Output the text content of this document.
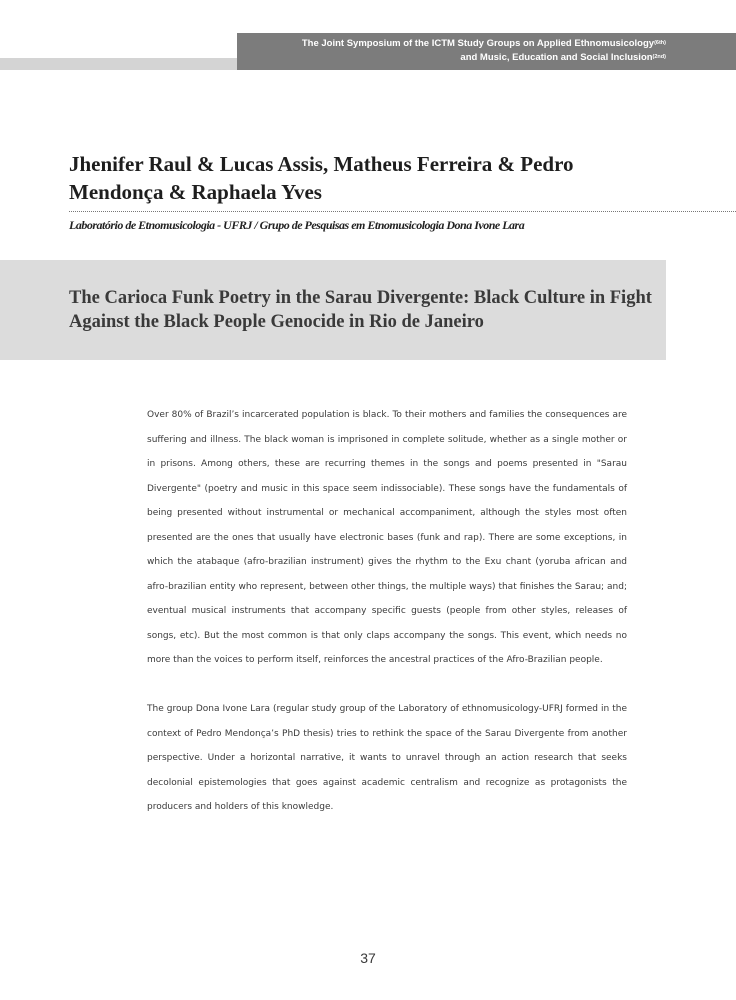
The Joint Symposium of the ICTM Study Groups on Applied Ethnomusicology$^{(6th)}$
and Music, Education and Social Inclusion$^{(2nd)}$
Jhenifer Raul & Lucas Assis, Matheus Ferreira & Pedro Mendonça & Raphaela Yves
Laboratório de Etnomusicologia - UFRJ / Grupo de Pesquisas em Etnomusicologia Dona Ivone Lara
The Carioca Funk Poetry in the Sarau Divergente: Black Culture in Fight Against the Black People Genocide in Rio de Janeiro

Over 80% of Brazil’s incarcerated population is black. To their mothers and families the consequences are suffering and illness. The black woman is imprisoned in complete solitude, whether as a single mother or in prisons. Among others, these are recurring themes in the songs and poems presented in "Sarau Divergente" (poetry and music in this space seem indissociable). These songs have the fundamentals of being presented without instrumental or mechanical accompaniment, although the styles most often presented are the ones that usually have electronic bases (funk and rap). There are some exceptions, in which the atabaque (afro-brazilian instrument) gives the rhythm to the Exu chant (yoruba african and afro-brazilian entity who represent, between other things, the multiple ways) that finishes the Sarau; and; eventual musical instruments that accompany specific guests (people from other styles, releases of songs, etc). But the most common is that only claps accompany the songs. This event, which needs no more than the voices to perform itself, reinforces the ancestral practices of the Afro-Brazilian people.

The group Dona Ivone Lara (regular study group of the Laboratory of ethnomusicology-UFRJ formed in the context of Pedro Mendonça’s PhD thesis) tries to rethink the space of the Sarau Divergente from another perspective. Under a horizontal narrative, it wants to unravel through an action research that seeks decolonial epistemologies that goes against academic centralism and recognize as protagonists the producers and holders of this knowledge.

37
